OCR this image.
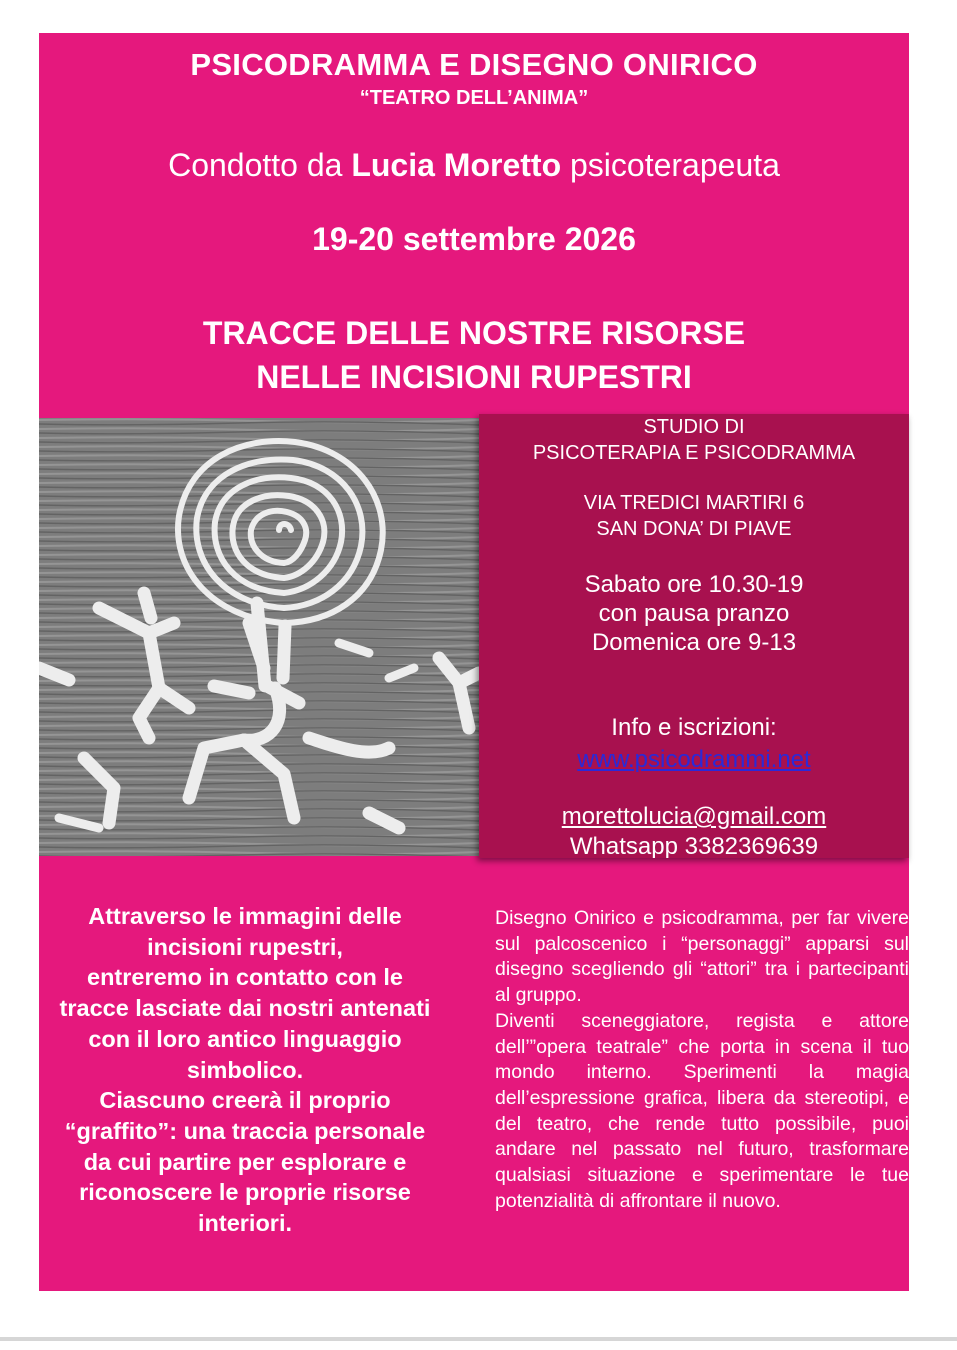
PSICODRAMMA E DISEGNO ONIRICO
“TEATRO DELL’ANIMA”
Condotto da Lucia Moretto psicoterapeuta
19-20 settembre 2026
TRACCE DELLE NOSTRE RISORSE
NELLE INCISIONI RUPESTRI
STUDIO DI
PSICOTERAPIA E PSICODRAMMA
VIA TREDICI MARTIRI 6
SAN DONA’ DI PIAVE
Sabato ore 10.30-19
con pausa pranzo
Domenica ore 9-13
Info e iscrizioni:
www.psicodrammi.net
morettolucia@gmail.com
Whatsapp 3382369639
Attraverso le immagini delle
incisioni rupestri,
entreremo in contatto con le
tracce lasciate dai nostri antenati
con il loro antico linguaggio
simbolico.
Ciascuno creerà il proprio
“graffito”: una traccia personale
da cui partire per esplorare e
riconoscere le proprie risorse
interiori.
Disegno Onirico e psicodramma, per far vivere sul palcoscenico i “personaggi” apparsi sul disegno scegliendo gli “attori” tra i partecipanti al gruppo.
Diventi sceneggiatore, regista e attore dell’”opera teatrale” che porta in scena il tuo mondo interno. Sperimenti la magia dell’espressione grafica, libera da stereotipi, e del teatro, che rende tutto possibile, puoi andare nel passato nel futuro, trasformare qualsiasi situazione e sperimentare le tue potenzialità di affrontare il nuovo.
